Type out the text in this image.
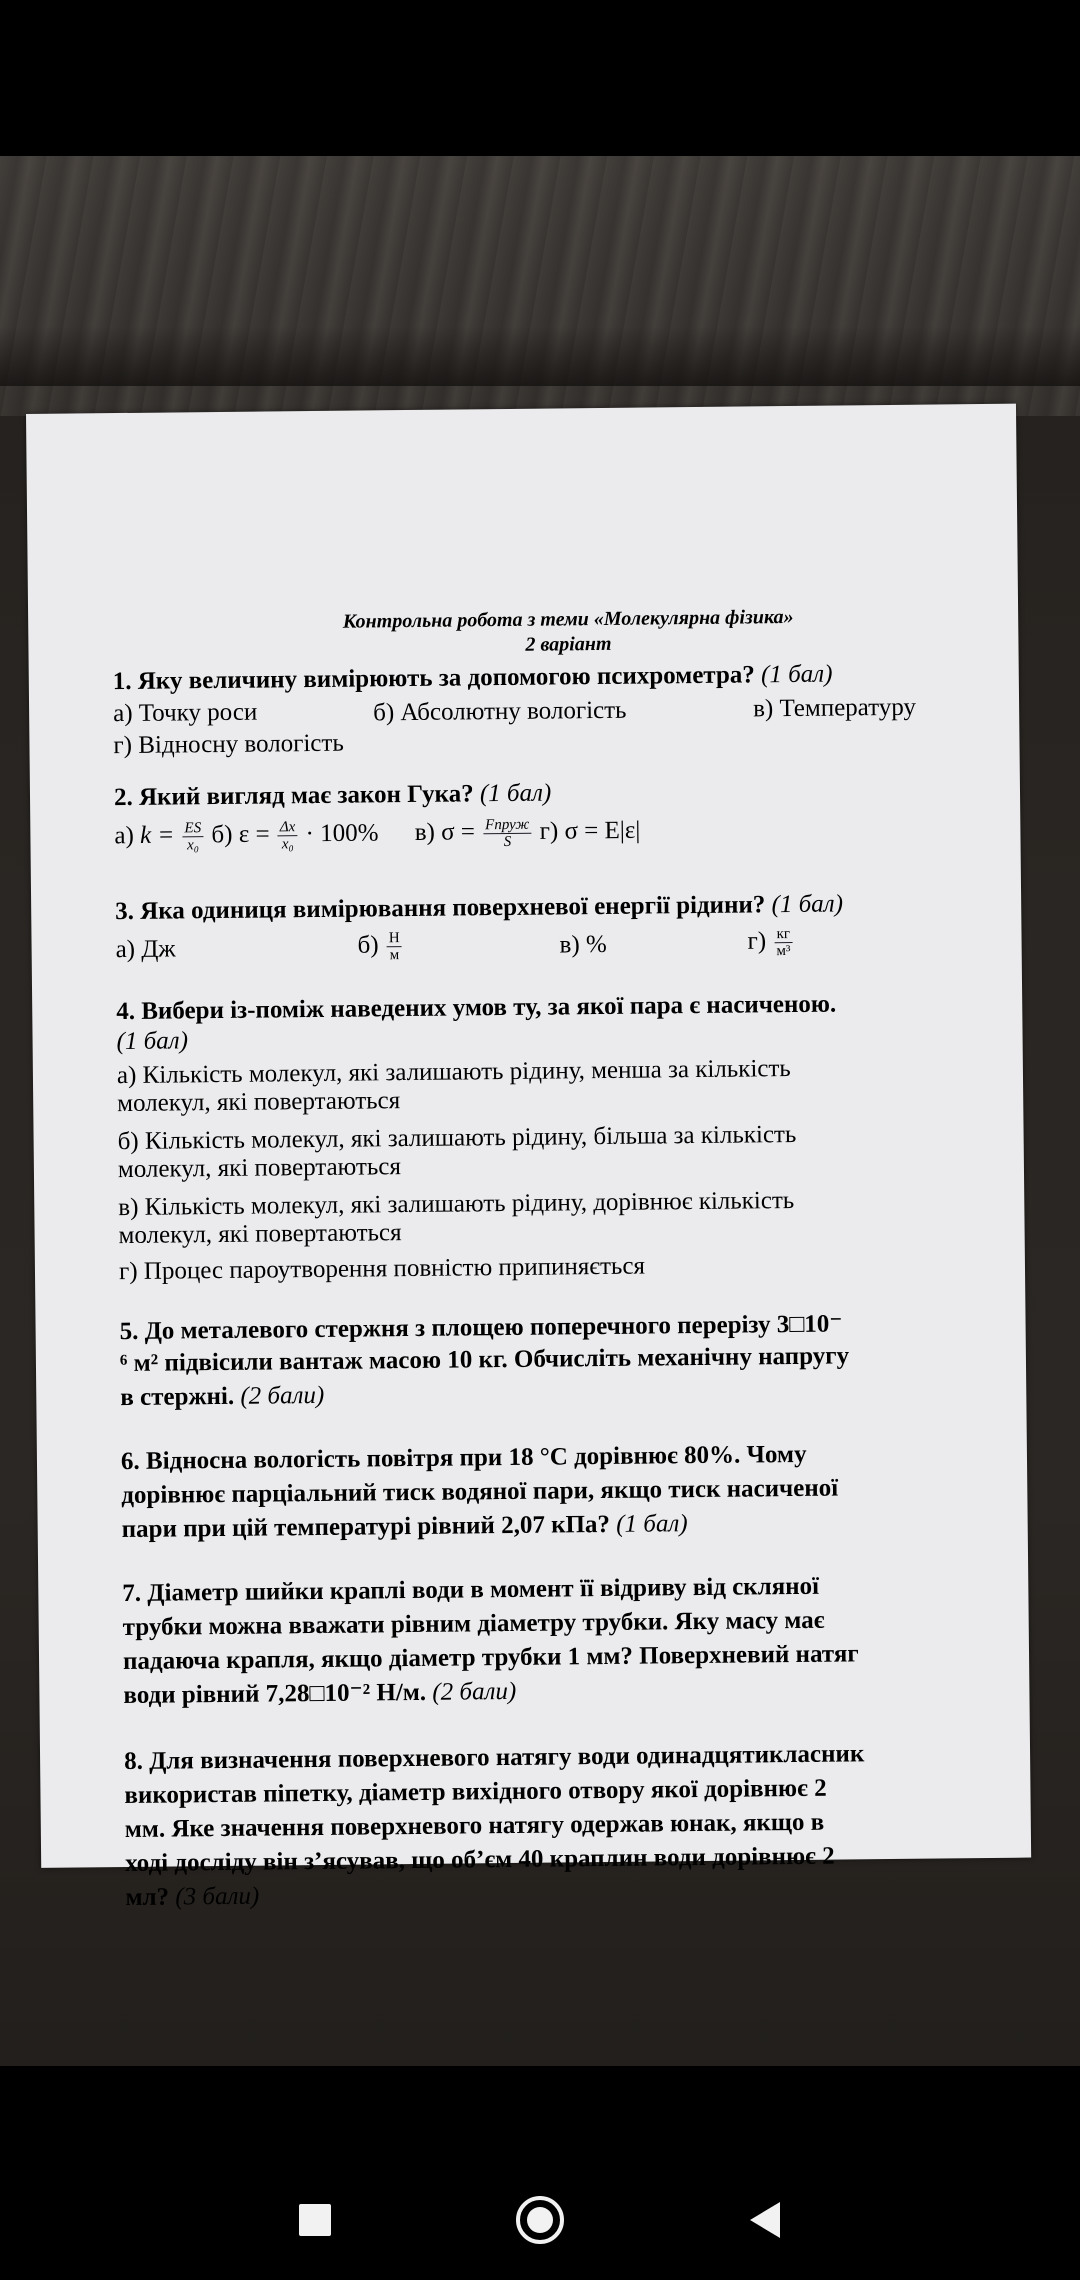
Контрольна робота з теми «Молекулярна фізика»
2 варіант
1. Яку величину вимірюють за допомогою психрометра? (1 бал)
а) Точку роси	б) Абсолютну вологість	в) Температуру
г) Відносну вологість
2. Який вигляд має закон Гука? (1 бал)
а) $k = \frac{ES}{\text{x₀}} б$) $\varepsilon = \frac{\Delta x}{\text{x₀}} \cdot 100\%$ в) $\sigma = \frac{\text{Fпруж}}{S} г$) σ = E|ε|
3. Яка одиниця вимірювання поверхневої енергії рідини? (1 бал)
а) Дж	$б) \frac{Н}{м}$	в) %	$г) \frac{кг}{\text{м³}}$
4. Вибери із-поміж наведених умов ту, за якої пара є насиченою.
(1 бал)
а) Кількість молекул, які залишають рідину, менша за кількість
молекул, які повертаються
б) Кількість молекул, які залишають рідину, більша за кількість
молекул, які повертаються
в) Кількість молекул, які залишають рідину, дорівнює кількість
молекул, які повертаються
г) Процес пароутворення повністю припиняється
5. До металевого стержня з площею поперечного перерізу 3□10⁻
⁶ м² підвісили вантаж масою 10 кг. Обчисліть механічну напругу
в стержні. (2 бали)
6. Відносна вологість повітря при 18 °С дорівнює 80%. Чому
дорівнює парціальний тиск водяної пари, якщо тиск насиченої
пари при цій температурі рівний 2,07 кПа? (1 бал)
7. Діаметр шийки краплі води в момент її відриву від скляної
трубки можна вважати рівним діаметру трубки. Яку масу має
падаюча крапля, якщо діаметр трубки 1 мм? Поверхневий натяг
води рівний 7,28□10⁻² Н/м. (2 бали)
8. Для визначення поверхневого натягу води одинадцятикласник
використав піпетку, діаметр вихідного отвору якої дорівнює 2
мм. Яке значення поверхневого натягу одержав юнак, якщо в
ході досліду він з’ясував, що об’єм 40 краплин води дорівнює 2
мл? (3 бали)
